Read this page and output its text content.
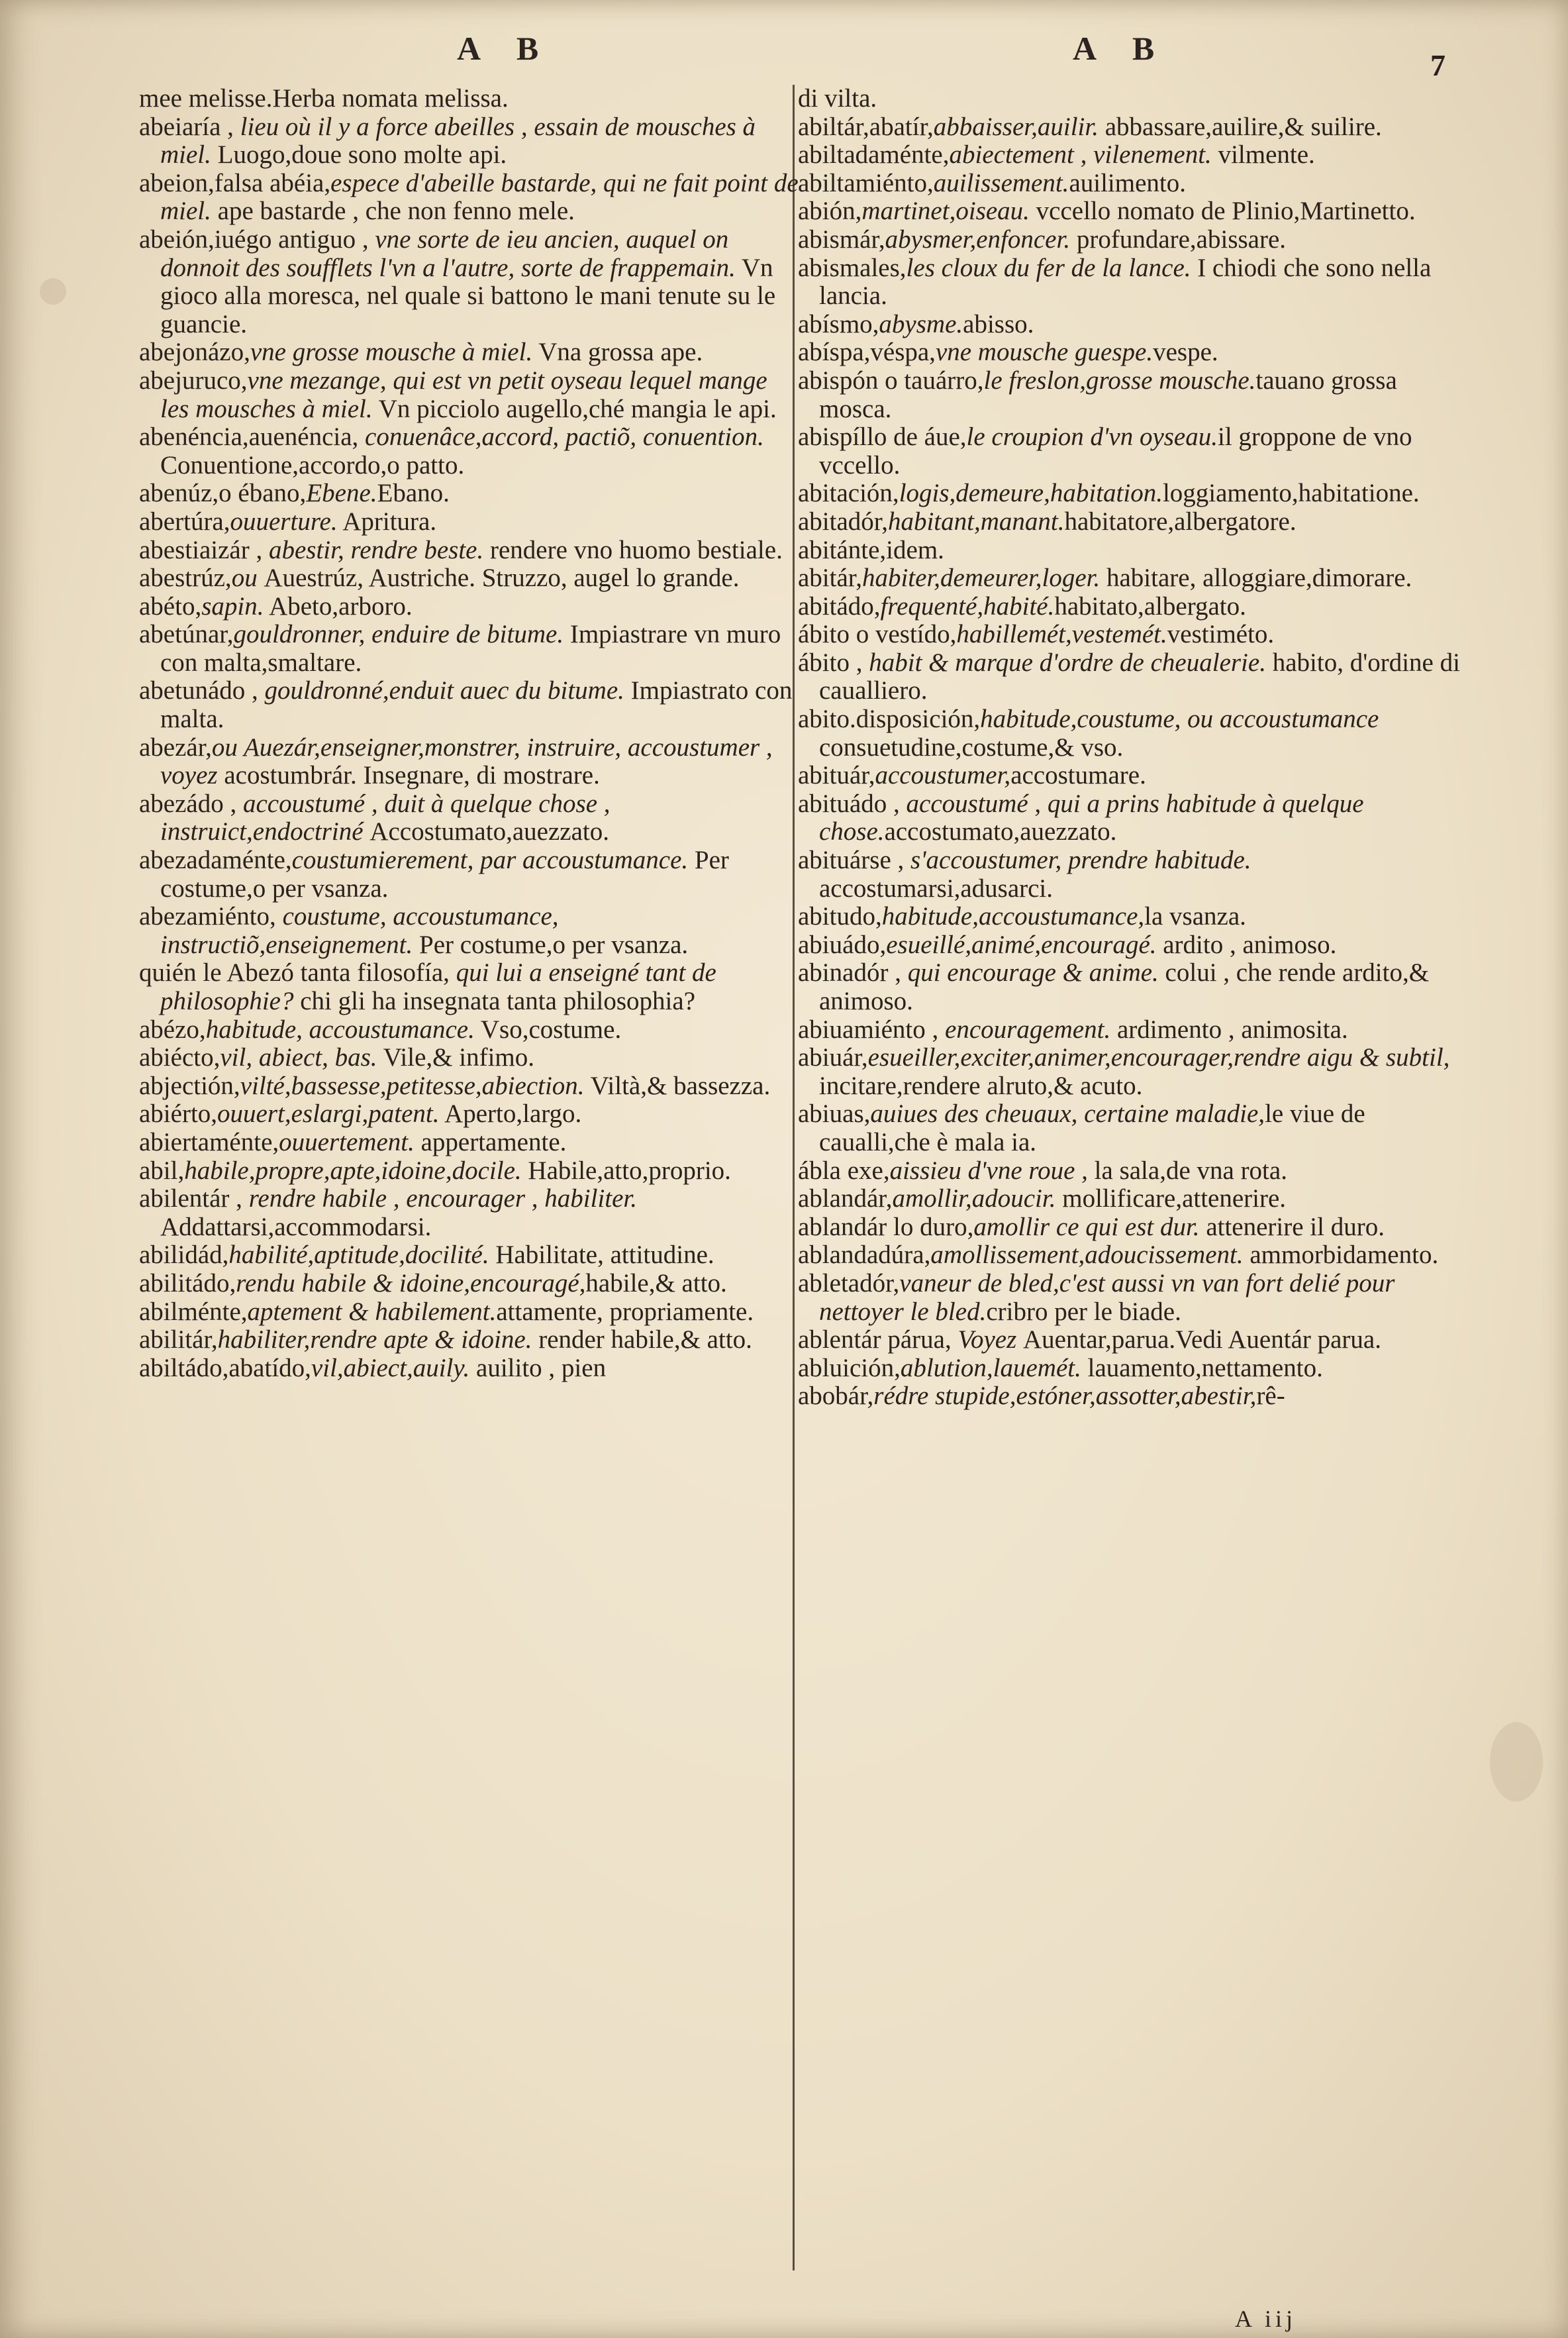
A B	A B	7
mee melisse.Herba nomata melissa.
abeiaría , lieu où il y a force abeilles , essain de mousches à miel. Luogo,doue sono molte api.
abeion,falsa abéia,espece d'abeille bastarde, qui ne fait point de miel. ape bastarde , che non fenno mele.
abeión,iuégo antiguo , vne sorte de ieu ancien, auquel on donnoit des soufflets l'vn a l'autre, sorte de frappemain. Vn gioco alla moresca, nel quale si battono le mani tenute su le guancie.
abejonázo,vne grosse mousche à miel. Vna grossa ape.
abejuruco,vne mezange, qui est vn petit oyseau lequel mange les mousches à miel. Vn picciolo augello,ché mangia le api.
abenéncia,auenéncia, conuenâce,accord, pactiõ, conuention. Conuentione,accordo,o patto.
abenúz,o ébano,Ebene.Ebano.
abertúra,ouuerture. Apritura.
abestiaizár , abestir, rendre beste. rendere vno huomo bestiale.
abestrúz,ou Auestrúz, Austriche. Struzzo, augel lo grande.
abéto,sapin. Abeto,arboro.
abetúnar,gouldronner, enduire de bitume. Impiastrare vn muro con malta,smaltare.
abetunádo , gouldronné,enduit auec du bitume. Impiastrato con malta.
abezár,ou Auezár,enseigner,monstrer, instruire, accoustumer , voyez acostumbrár. Insegnare, di mostrare.
abezádo , accoustumé , duit à quelque chose , instruict,endoctriné Accostumato,auezzato.
abezadaménte,coustumierement, par accoustumance. Per costume,o per vsanza.
abezamiénto, coustume, accoustumance, instructiõ,enseignement. Per costume,o per vsanza.
quién le Abezó tanta filosofía, qui lui a enseigné tant de philosophie? chi gli ha insegnata tanta philosophia?
abézo,habitude, accoustumance. Vso,costume.
abiécto,vil, abiect, bas. Vile,& infimo.
abjectión,vilté,bassesse,petitesse,abiection. Viltà,& bassezza.
abiérto,ouuert,eslargi,patent. Aperto,largo.
abiertaménte,ouuertement. appertamente.
abil,habile,propre,apte,idoine,docile. Habile,atto,proprio.
abilentár , rendre habile , encourager , habiliter. Addattarsi,accommodarsi.
abilidád,habilité,aptitude,docilité. Habilitate, attitudine.
abilitádo,rendu habile & idoine,encouragé,habile,& atto.
abilménte,aptement & habilement.attamente, propriamente.
abilitár,habiliter,rendre apte & idoine. render habile,& atto.
abiltádo,abatído,vil,abiect,auily. auilito , pien
di vilta.
abiltár,abatír,abbaisser,auilir. abbassare,auilire,& suilire.
abiltadaménte,abiectement , vilenement. vilmente.
abiltamiénto,auilissement.auilimento.
abión,martinet,oiseau. vccello nomato de Plinio,Martinetto.
abismár,abysmer,enfoncer. profundare,abissare.
abismales,les cloux du fer de la lance. I chiodi che sono nella lancia.
abísmo,abysme.abisso.
abíspa,véspa,vne mousche guespe.vespe.
abispón o tauárro,le freslon,grosse mousche.tauano grossa mosca.
abispíllo de áue,le croupion d'vn oyseau.il groppone de vno vccello.
abitación,logis,demeure,habitation.loggiamento,habitatione.
abitadór,habitant,manant.habitatore,albergatore.
abitánte,idem.
abitár,habiter,demeurer,loger. habitare, alloggiare,dimorare.
abitádo,frequenté,habité.habitato,albergato.
ábito o vestído,habillemét,vestemét.vestiméto.
ábito , habit & marque d'ordre de cheualerie. habito, d'ordine di caualliero.
abito.disposición,habitude,coustume, ou accoustumance consuetudine,costume,& vso.
abituár,accoustumer,accostumare.
abituádo , accoustumé , qui a prins habitude à quelque chose.accostumato,auezzato.
abituárse , s'accoustumer, prendre habitude. accostumarsi,adusarci.
abitudo,habitude,accoustumance,la vsanza.
abiuádo,esueillé,animé,encouragé. ardito , animoso.
abinadór , qui encourage & anime. colui , che rende ardito,& animoso.
abiuamiénto , encouragement. ardimento , animosita.
abiuár,esueiller,exciter,animer,encourager,rendre aigu & subtil, incitare,rendere alruto,& acuto.
abiuas,auiues des cheuaux, certaine maladie,le viue de caualli,che è mala ia.
ábla exe,aissieu d'vne roue , la sala,de vna rota.
ablandár,amollir,adoucir. mollificare,attenerire.
ablandár lo duro,amollir ce qui est dur. attenerire il duro.
ablandadúra,amollissement,adoucissement. ammorbidamento.
abletadór,vaneur de bled,c'est aussi vn van fort delié pour nettoyer le bled.cribro per le biade.
ablentár párua, Voyez Auentar,parua.Vedi Auentár parua.
abluición,ablution,lauemét. lauamento,nettamento.
abobár,rédre stupide,estóner,assotter,abestir,rê-
A iij
